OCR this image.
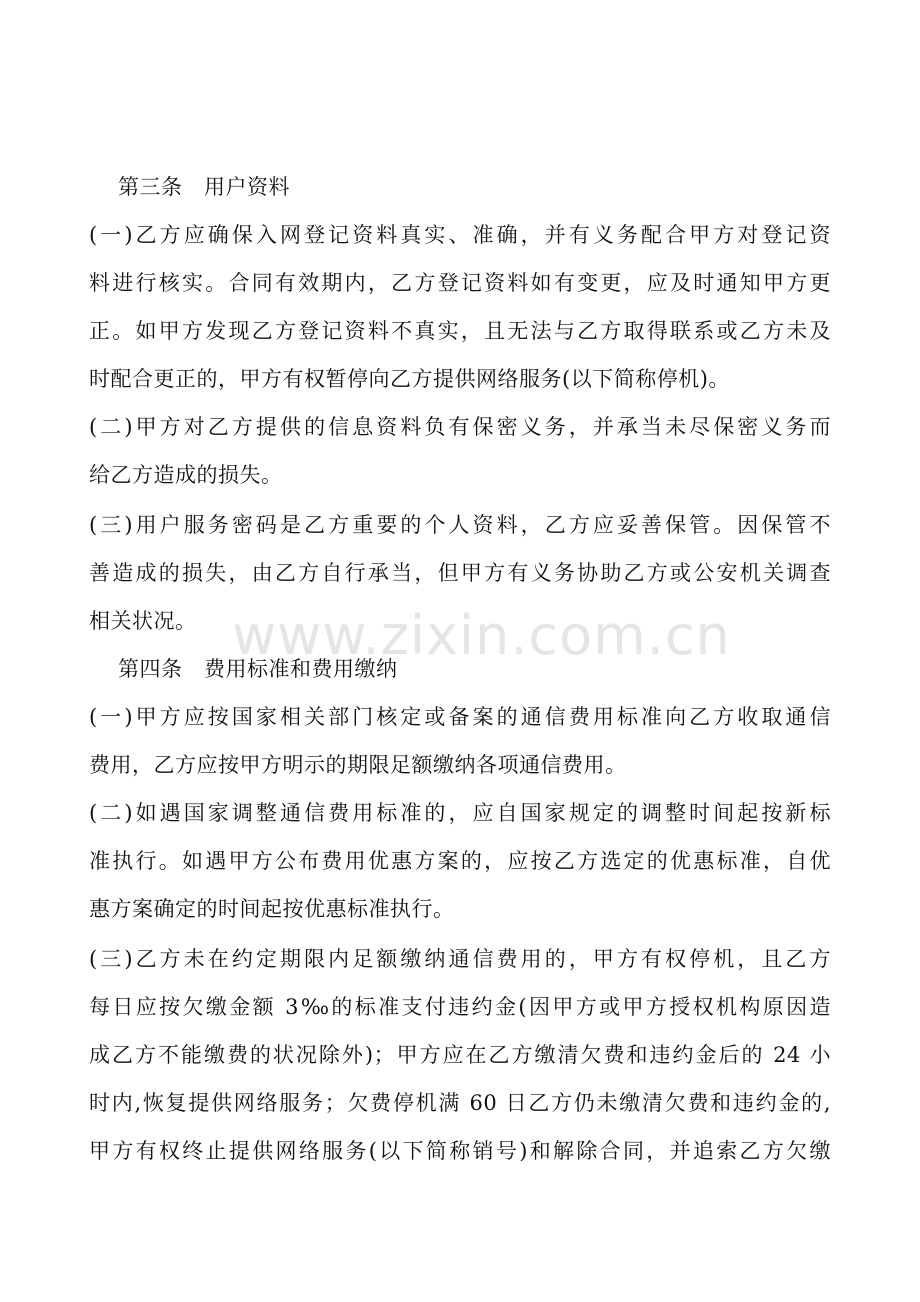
第三条　用户资料
(一)乙方应确保入网登记资料真实、准确，并有义务配合甲方对登记资
料进行核实。合同有效期内，乙方登记资料如有变更，应及时通知甲方更
正。如甲方发现乙方登记资料不真实，且无法与乙方取得联系或乙方未及
时配合更正的，甲方有权暂停向乙方提供网络服务(以下简称停机)。
(二)甲方对乙方提供的信息资料负有保密义务，并承当未尽保密义务而
给乙方造成的损失。
(三)用户服务密码是乙方重要的个人资料，乙方应妥善保管。因保管不
善造成的损失，由乙方自行承当，但甲方有义务协助乙方或公安机关调查
相关状况。
第四条　费用标准和费用缴纳
(一)甲方应按国家相关部门核定或备案的通信费用标准向乙方收取通信
费用，乙方应按甲方明示的期限足额缴纳各项通信费用。
(二)如遇国家调整通信费用标准的，应自国家规定的调整时间起按新标
准执行。如遇甲方公布费用优惠方案的，应按乙方选定的优惠标准，自优
惠方案确定的时间起按优惠标准执行。
(三)乙方未在约定期限内足额缴纳通信费用的，甲方有权停机，且乙方
每日应按欠缴金额 3‰的标准支付违约金(因甲方或甲方授权机构原因造
成乙方不能缴费的状况除外)；甲方应在乙方缴清欠费和违约金后的 24 小
时内,恢复提供网络服务；欠费停机满 60 日乙方仍未缴清欠费和违约金的,
甲方有权终止提供网络服务(以下简称销号)和解除合同，并追索乙方欠缴
www.zixin.com.cn
